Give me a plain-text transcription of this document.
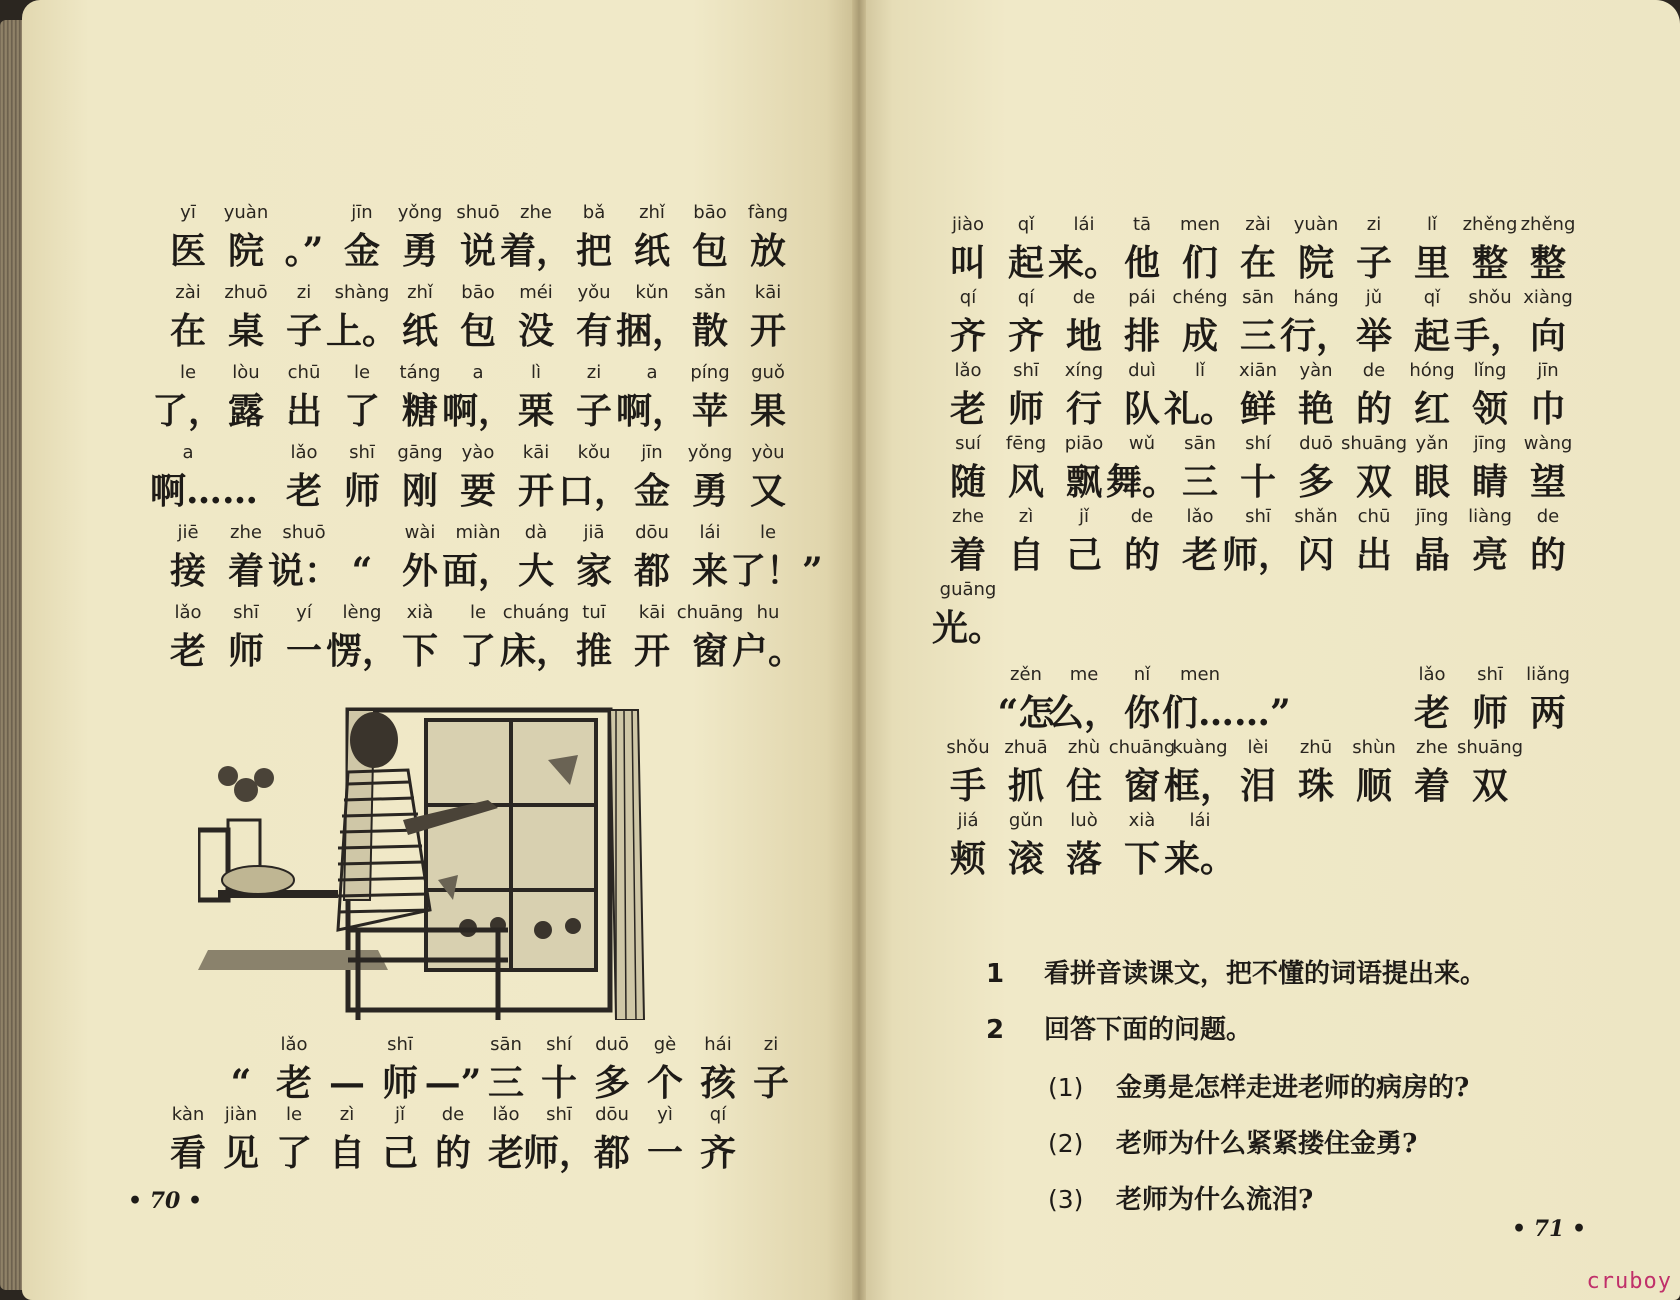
yī
医
yuàn
院 。”
jīn
金
yǒng
勇
shuō
说
zhe
着，
bǎ
把
zhǐ
纸
bāo
包
fàng
放
zài
在
zhuō
桌
zi
子
shàng
上。
zhǐ
纸
bāo
包
méi
没
yǒu
有
kǔn
捆，
sǎn
散
kāi
开
le
了，
lòu
露
chū
出
le
了
táng
糖
a
啊，
lì
栗
zi
子
a
啊，
píng
苹
guǒ
果
a
啊……
lǎo
老
shī
师
gāng
刚
yào
要
kāi
开
kǒu
口，
jīn
金
yǒng
勇
yòu
又
jiē
接
zhe
着
shuō
说： “
wài
外
miàn
面，
dà
大
jiā
家
dōu
都
lái
来
le
了！”
lǎo
老
shī
师
yí
一
lèng
愣，
xià
下
le
了
chuáng
床，
tuī
推
kāi
开
chuāng
窗
hu
户。
“
lǎo
老 —
shī
师 —”
sān
三
shí
十
duō
多
gè
个
hái
孩
zi
子
kàn
看
jiàn
见
le
了
zì
自
jǐ
己
de
的
lǎo
老
shī
师，
dōu
都
yì
一
qí
齐
• 70 •
jiào
叫
qǐ
起
lái
来。
tā
他
men
们
zài
在
yuàn
院
zi
子
lǐ
里
zhěng
整
zhěng
整
qí
齐
qí
齐
de
地
pái
排
chéng
成
sān
三
háng
行，
jǔ
举
qǐ
起
shǒu
手，
xiàng
向
lǎo
老
shī
师
xíng
行
duì
队
lǐ
礼。
xiān
鲜
yàn
艳
de
的
hóng
红
lǐng
领
jīn
巾
suí
随
fēng
风
piāo
飘
wǔ
舞。
sān
三
shí
十
duō
多
shuāng
双
yǎn
眼
jīng
睛
wàng
望
zhe
着
zì
自
jǐ
己
de
的
lǎo
老
shī
师，
shǎn
闪
chū
出
jīng
晶
liàng
亮
de
的
guāng
光。
zěn
“怎
me
么，
nǐ
你
men
们……”
lǎo
老
shī
师
liǎng
两
shǒu
手
zhuā
抓
zhù
住
chuāng
窗
kuàng
框，
lèi
泪
zhū
珠
shùn
顺
zhe
着
shuāng
双
jiá
颊
gǔn
滚
luò
落
xià
下
lái
来。
1	看拼音读课文，把不懂的词语提出来。
2	回答下面的问题。
(1) 金勇是怎样走进老师的病房的?
(2) 老师为什么紧紧搂住金勇?
(3) 老师为什么流泪?
• 71 •
cruboy
